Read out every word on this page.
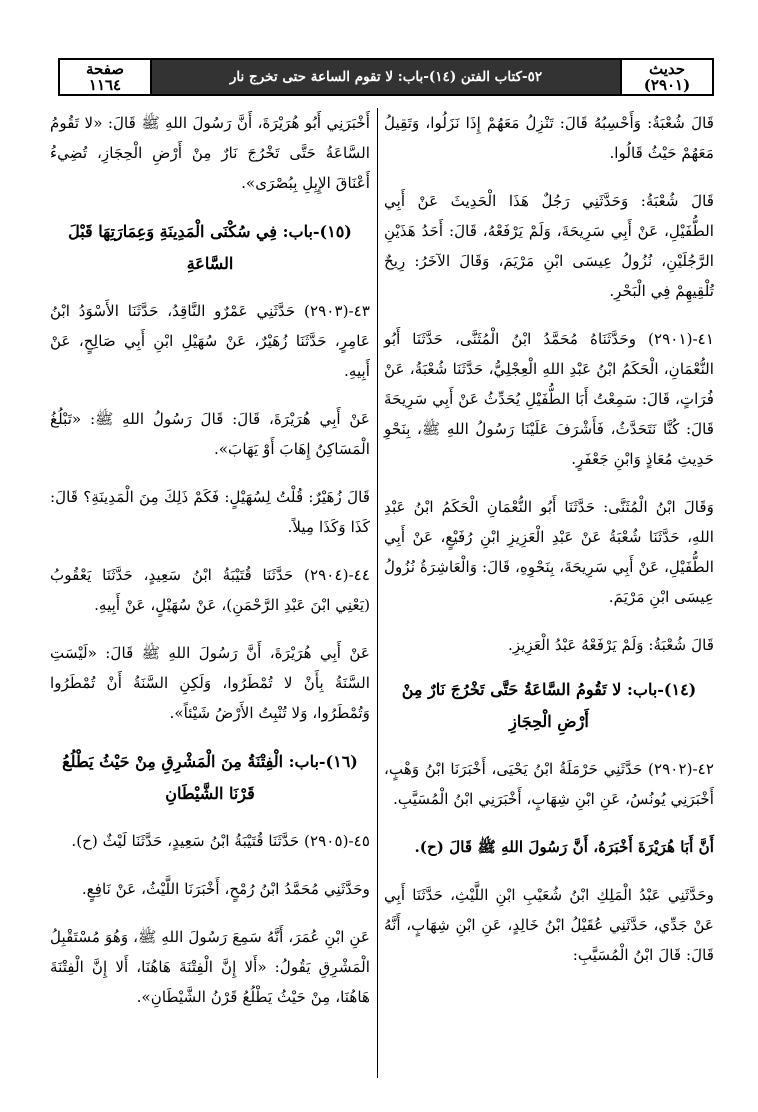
حديث
(٢٩٠١)
٥٢-كتاب الفتن (١٤)-باب: لا تقوم الساعة حتى تخرج نار
صفحة
١١٦٤

قَالَ شُعْبَةُ: وَأَحْسِبُهُ قَالَ: تَنْزِلُ مَعَهُمْ إِذَا نَزَلُوا، وَتَقِيلُ مَعَهُمْ حَيْثُ قَالُوا.

قَالَ شُعْبَةُ: وَحَدَّثَنِي رَجُلٌ هَذَا الْحَدِيثَ عَنْ أَبِي الطُّفَيْلِ، عَنْ أَبِي سَرِيحَةَ، وَلَمْ يَرْفَعْهُ، قَالَ: أَحَدُ هَذَيْنِ الرَّجُلَيْنِ، نُزُولُ عِيسَى ابْنِ مَرْيَمَ، وَقَالَ الآخَرُ: رِيحٌ تُلْقِيهِمْ فِي الْبَحْرِ.

٤١-(٢٩٠١) وحَدَّثَنَاهُ مُحَمَّدُ ابْنُ الْمُثَنَّى، حَدَّثَنَا أَبُو النُّعْمَانِ، الْحَكَمُ ابْنُ عَبْدِ اللهِ الْعِجْلِيُّ، حَدَّثَنَا شُعْبَةُ، عَنْ فُرَاتٍ، قَالَ: سَمِعْتُ أَبَا الطُّفَيْلِ يُحَدِّثُ عَنْ أَبِي سَرِيحَةَ قَالَ: كُنَّا نَتَحَدَّثُ، فَأَشْرَفَ عَلَيْنَا رَسُولُ اللهِ ﷺ، بِنَحْوِ حَدِيثِ مُعَاذٍ وَابْنِ جَعْفَرٍ.

وَقَالَ ابْنُ الْمُثَنَّى: حَدَّثَنَا أَبُو النُّعْمَانِ الْحَكَمُ ابْنُ عَبْدِ اللهِ، حَدَّثَنَا شُعْبَةُ عَنْ عَبْدِ الْعَزِيزِ ابْنِ رُفَيْعٍ، عَنْ أَبِي الطُّفَيْلِ، عَنْ أَبِي سَرِيحَةَ، بِنَحْوِهِ، قَالَ: وَالْعَاشِرَةُ نُزُولُ عِيسَى ابْنِ مَرْيَمَ.

قَالَ شُعْبَةُ: وَلَمْ يَرْفَعْهُ عَبْدُ الْعَزِيزِ.

(١٤)-باب: لا تَقُومُ السَّاعَةُ حَتَّى تَخْرُجَ نَارٌ مِنْ أَرْضِ الْحِجَازِ

٤٢-(٢٩٠٢) حَدَّثَنِي حَرْمَلَةُ ابْنُ يَحْيَى، أَخْبَرَنَا ابْنُ وَهْبٍ، أَخْبَرَنِي يُونُسُ، عَنِ ابْنِ شِهَابٍ، أَخْبَرَنِي ابْنُ الْمُسَيَّبِ.

أَنَّ أَبَا هُرَيْرَةَ أَخْبَرَهُ، أَنَّ رَسُولَ اللهِ ﷺ قَالَ (ح).

وحَدَّثَنِي عَبْدُ الْمَلِكِ ابْنُ شُعَيْبِ ابْنِ اللَّيْثِ، حَدَّثَنَا أَبِي عَنْ جَدِّي، حَدَّثَنِي عُقَيْلُ ابْنُ خَالِدٍ، عَنِ ابْنِ شِهَابٍ، أَنَّهُ قَالَ: قَالَ ابْنُ الْمُسَيَّبِ:

أَخْبَرَنِي أَبُو هُرَيْرَةَ، أَنَّ رَسُولَ اللهِ ﷺ قَالَ: «لا تَقُومُ السَّاعَةُ حَتَّى تَخْرُجَ نَارٌ مِنْ أَرْضِ الْحِجَازِ، تُضِيءُ أَعْنَاقَ الإِبِلِ بِبُصْرَى».

(١٥)-باب: فِي سُكْنَى الْمَدِينَةِ وَعِمَارَتِهَا قَبْلَ السَّاعَةِ

٤٣-(٢٩٠٣) حَدَّثَنِي عَمْرٌو النَّاقِدُ، حَدَّثَنَا الأَسْوَدُ ابْنُ عَامِرٍ، حَدَّثَنَا زُهَيْرٌ، عَنْ سُهَيْلِ ابْنِ أَبِي صَالِحٍ، عَنْ أَبِيهِ.

عَنْ أَبِي هُرَيْرَةَ، قَالَ: قَالَ رَسُولُ اللهِ ﷺ: «تَبْلُغُ الْمَسَاكِنُ إِهَابَ أَوْ يَهَابَ».

قَالَ زُهَيْرٌ: قُلْتُ لِسُهَيْلٍ: فَكَمْ ذَلِكَ مِنَ الْمَدِينَةِ؟ قَالَ: كَذَا وَكَذَا مِيلاً.

٤٤-(٢٩٠٤) حَدَّثَنَا قُتَيْبَةُ ابْنُ سَعِيدٍ، حَدَّثَنَا يَعْقُوبُ (يَعْنِي ابْنَ عَبْدِ الرَّحْمَنِ)، عَنْ سُهَيْلٍ، عَنْ أَبِيهِ.

عَنْ أَبِي هُرَيْرَةَ، أَنَّ رَسُولَ اللهِ ﷺ قَالَ: «لَيْسَتِ السَّنَةُ بِأَنْ لا تُمْطَرُوا، وَلَكِنِ السَّنَةُ أَنْ تُمْطَرُوا وَتُمْطَرُوا، وَلا تُنْبِتُ الأَرْضُ شَيْئاً».

(١٦)-باب: الْفِتْنَةُ مِنَ الْمَشْرِقِ مِنْ حَيْثُ يَطْلُعُ قَرْنَا الشَّيْطَانِ

٤٥-(٢٩٠٥) حَدَّثَنَا قُتَيْبَةُ ابْنُ سَعِيدٍ، حَدَّثَنَا لَيْثٌ (ح).

وحَدَّثَنِي مُحَمَّدُ ابْنُ رُمْحٍ، أَخْبَرَنَا اللَّيْثُ، عَنْ نَافِعٍ.

عَنِ ابْنِ عُمَرَ، أَنَّهُ سَمِعَ رَسُولَ اللهِ ﷺ، وَهُوَ مُسْتَقْبِلُ الْمَشْرِقِ يَقُولُ: «أَلا إِنَّ الْفِتْنَةَ هَاهُنَا، أَلا إِنَّ الْفِتْنَةَ هَاهُنَا، مِنْ حَيْثُ يَطْلُعُ قَرْنُ الشَّيْطَانِ».
